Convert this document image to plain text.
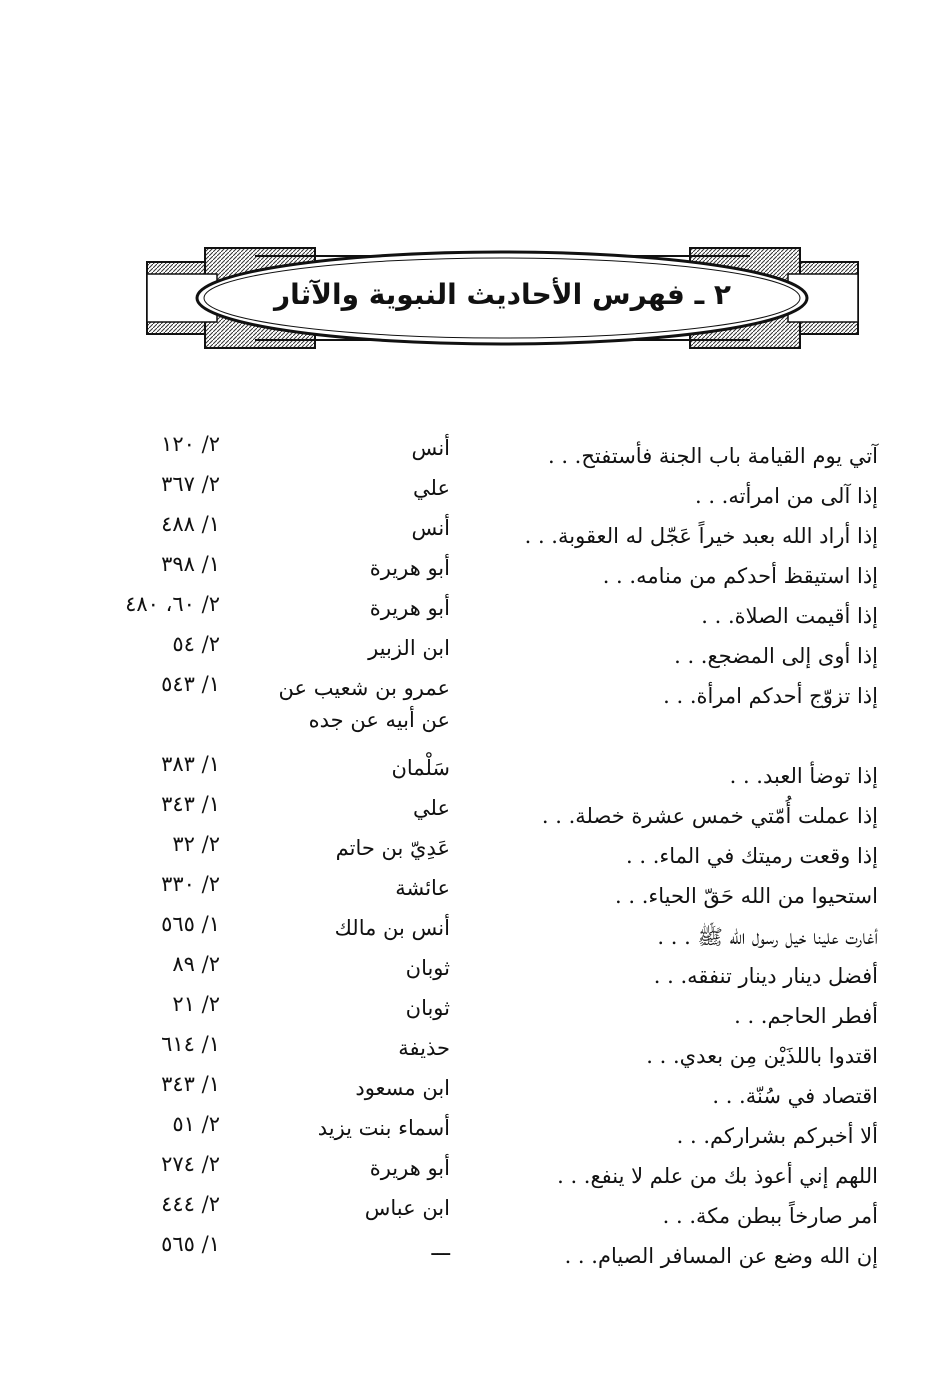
٢ ـ فهرس الأحاديث النبوية والآثار
آتي يوم القيامة باب الجنة فأستفتح. . .
أنس
٢/ ١٢٠
إذا آلى من امرأته. . .
علي
٢/ ٣٦٧
إذا أراد الله بعبد خيراً عَجّل له العقوبة. . .
أنس
١/ ٤٨٨
إذا استيقظ أحدكم من منامه. . .
أبو هريرة
١/ ٣٩٨
إذا أقيمت الصلاة. . .
أبو هريرة
٢/ ٦٠، ٤٨٠
إذا أوى إلى المضجع. . .
ابن الزبير
٢/ ٥٤
إذا تزوّج أحدكم امرأة. . .
عمرو بن شعيب عن
١/ ٥٤٣
إذا توضأ العبد. . .
سَلْمان
١/ ٣٨٣
إذا عملت أُمّتي خمس عشرة خصلة. . .
علي
١/ ٣٤٣
إذا وقعت رميتك في الماء. . .
عَدِيّ بن حاتم
٢/ ٣٢
استحيوا من الله حَقّ الحياء. . .
عائشة
٢/ ٣٣٠
أغارت علينا خيل رسول الله ﷺ . . .
أنس بن مالك
١/ ٥٦٥
أفضل دينار دينار تنفقه. . .
ثوبان
٢/ ٨٩
أفطر الحاجم. . .
ثوبان
٢/ ٢١
اقتدوا باللذَيْن مِن بعدي. . .
حذيفة
١/ ٦١٤
اقتصاد في سُنّة. . .
ابن مسعود
١/ ٣٤٣
ألا أخبركم بشراركم. . .
أسماء بنت يزيد
٢/ ٥١
اللهم إني أعوذ بك من علم لا ينفع. . .
أبو هريرة
٢/ ٢٧٤
أمر صارخاً ببطن مكة. . .
ابن عباس
٢/ ٤٤٤
إن الله وضع عن المسافر الصيام. . .
ـــ
١/ ٥٦٥
عن أبيه عن جده
